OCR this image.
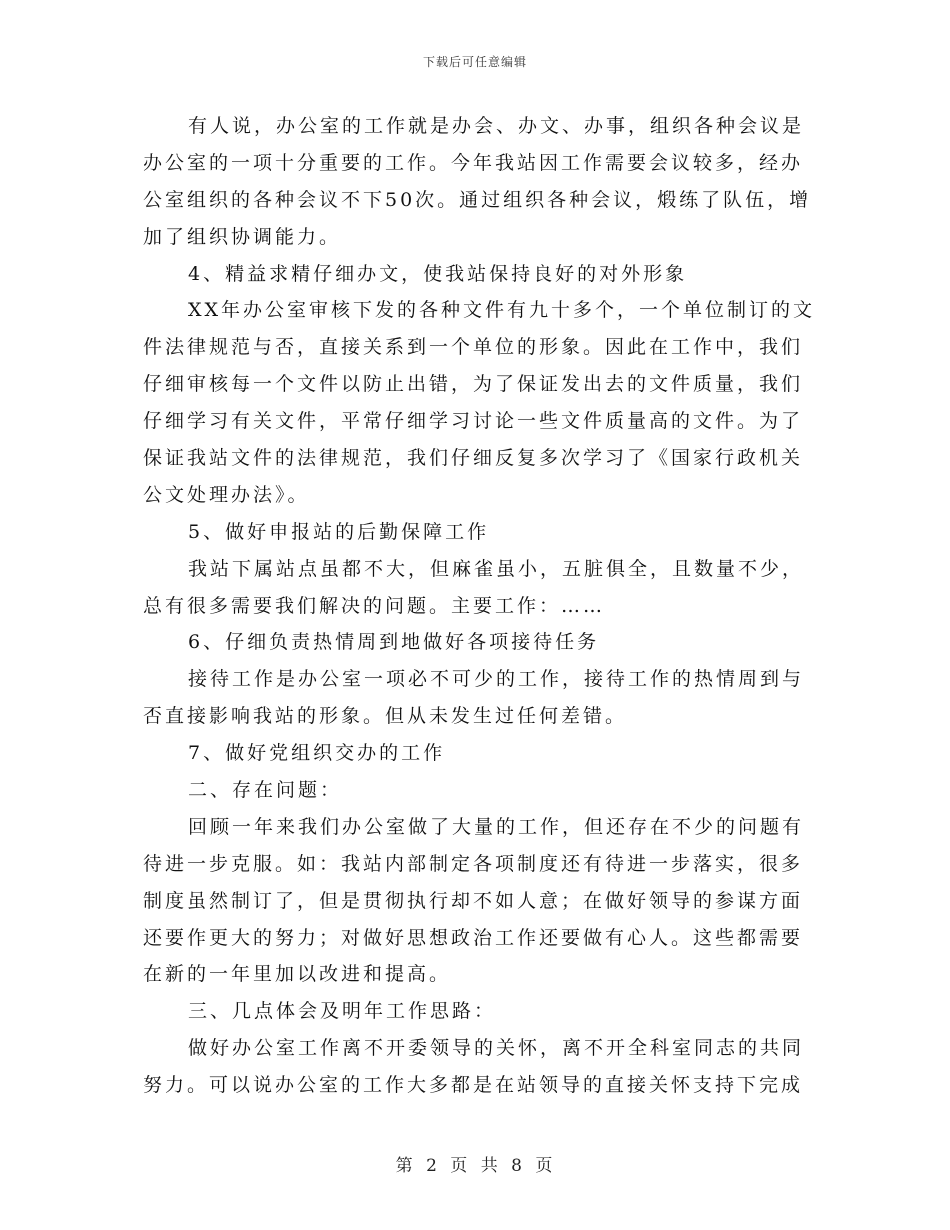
下载后可任意编辑
有人说，办公室的工作就是办会、办文、办事，组织各种会议是
办公室的一项十分重要的工作。今年我站因工作需要会议较多，经办
公室组织的各种会议不下50次。通过组织各种会议，煅练了队伍，增
加了组织协调能力。
4、精益求精仔细办文，使我站保持良好的对外形象
XX年办公室审核下发的各种文件有九十多个，一个单位制订的文
件法律规范与否，直接关系到一个单位的形象。因此在工作中，我们
仔细审核每一个文件以防止出错，为了保证发出去的文件质量，我们
仔细学习有关文件，平常仔细学习讨论一些文件质量高的文件。为了
保证我站文件的法律规范，我们仔细反复多次学习了《国家行政机关
公文处理办法》。
5、做好申报站的后勤保障工作
我站下属站点虽都不大，但麻雀虽小，五脏俱全，且数量不少，
总有很多需要我们解决的问题。主要工作：……
6、仔细负责热情周到地做好各项接待任务
接待工作是办公室一项必不可少的工作，接待工作的热情周到与
否直接影响我站的形象。但从未发生过任何差错。
7、做好党组织交办的工作
二、存在问题：
回顾一年来我们办公室做了大量的工作，但还存在不少的问题有
待进一步克服。如：我站内部制定各项制度还有待进一步落实，很多
制度虽然制订了，但是贯彻执行却不如人意；在做好领导的参谋方面
还要作更大的努力；对做好思想政治工作还要做有心人。这些都需要
在新的一年里加以改进和提高。
三、几点体会及明年工作思路：
做好办公室工作离不开委领导的关怀，离不开全科室同志的共同
努力。可以说办公室的工作大多都是在站领导的直接关怀支持下完成
第 2 页 共 8 页
